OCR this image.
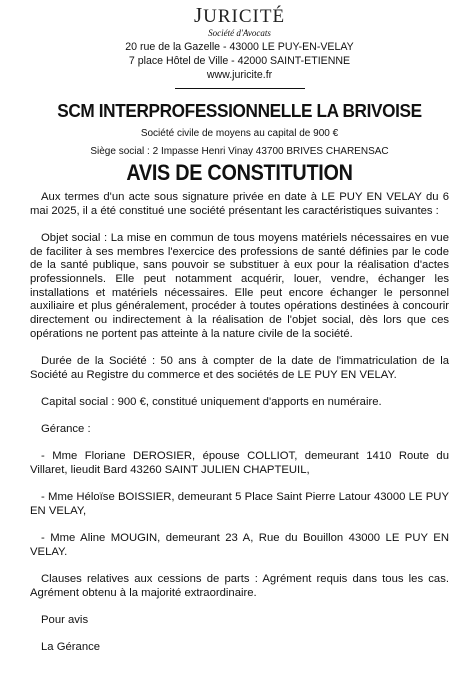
JURICITÉ
Société d'Avocats
20 rue de la Gazelle - 43000 LE PUY-EN-VELAY
7 place Hôtel de Ville - 42000 SAINT-ETIENNE
www.juricite.fr
SCM INTERPROFESSIONNELLE LA BRIVOISE
Société civile de moyens au capital de 900 €
Siège social : 2 Impasse Henri Vinay 43700 BRIVES CHARENSAC
AVIS DE CONSTITUTION

Aux termes d'un acte sous signature privée en date à LE PUY EN VELAY du 6 mai 2025, il a été constitué une société présentant les caractéristiques suivantes :

Objet social : La mise en commun de tous moyens matériels nécessaires en vue de faciliter à ses membres l'exercice des professions de santé définies par le code de la santé publique, sans pouvoir se substituer à eux pour la réalisation d'actes professionnels. Elle peut notamment acquérir, louer, vendre, échanger les installations et matériels nécessaires. Elle peut encore échanger le personnel auxiliaire et plus généralement, procéder à toutes opérations destinées à concourir directement ou indirectement à la réalisation de l'objet social, dès lors que ces opérations ne portent pas atteinte à la nature civile de la société.

Durée de la Société : 50 ans à compter de la date de l'immatriculation de la Société au Registre du commerce et des sociétés de LE PUY EN VELAY.

Capital social : 900 €, constitué uniquement d'apports en numéraire.

Gérance :

- Mme Floriane DEROSIER, épouse COLLIOT, demeurant 1410 Route du Villaret, lieudit Bard 43260 SAINT JULIEN CHAPTEUIL,

- Mme Héloïse BOISSIER, demeurant 5 Place Saint Pierre Latour 43000 LE PUY EN VELAY,

- Mme Aline MOUGIN, demeurant 23 A, Rue du Bouillon 43000 LE PUY EN VELAY.

Clauses relatives aux cessions de parts : Agrément requis dans tous les cas. Agrément obtenu à la majorité extraordinaire.

Pour avis

La Gérance
